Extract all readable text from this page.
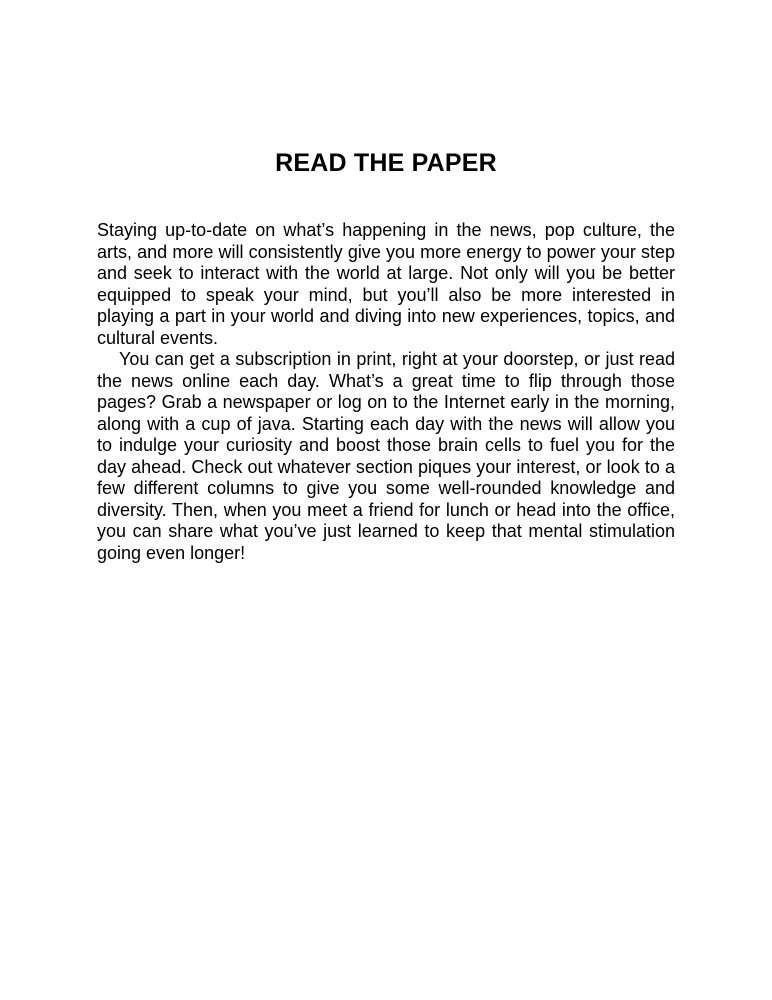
READ THE PAPER

Staying up-to-date on what’s happening in the news, pop culture, the arts, and more will consistently give you more energy to power your step and seek to interact with the world at large. Not only will you be better equipped to speak your mind, but you’ll also be more interested in playing a part in your world and diving into new experiences, topics, and cultural events.

You can get a subscription in print, right at your doorstep, or just read the news online each day. What’s a great time to flip through those pages? Grab a newspaper or log on to the Internet early in the morning, along with a cup of java. Starting each day with the news will allow you to indulge your curiosity and boost those brain cells to fuel you for the day ahead. Check out whatever section piques your interest, or look to a few different columns to give you some well-rounded knowledge and diversity. Then, when you meet a friend for lunch or head into the office, you can share what you’ve just learned to keep that mental stimulation going even longer!
